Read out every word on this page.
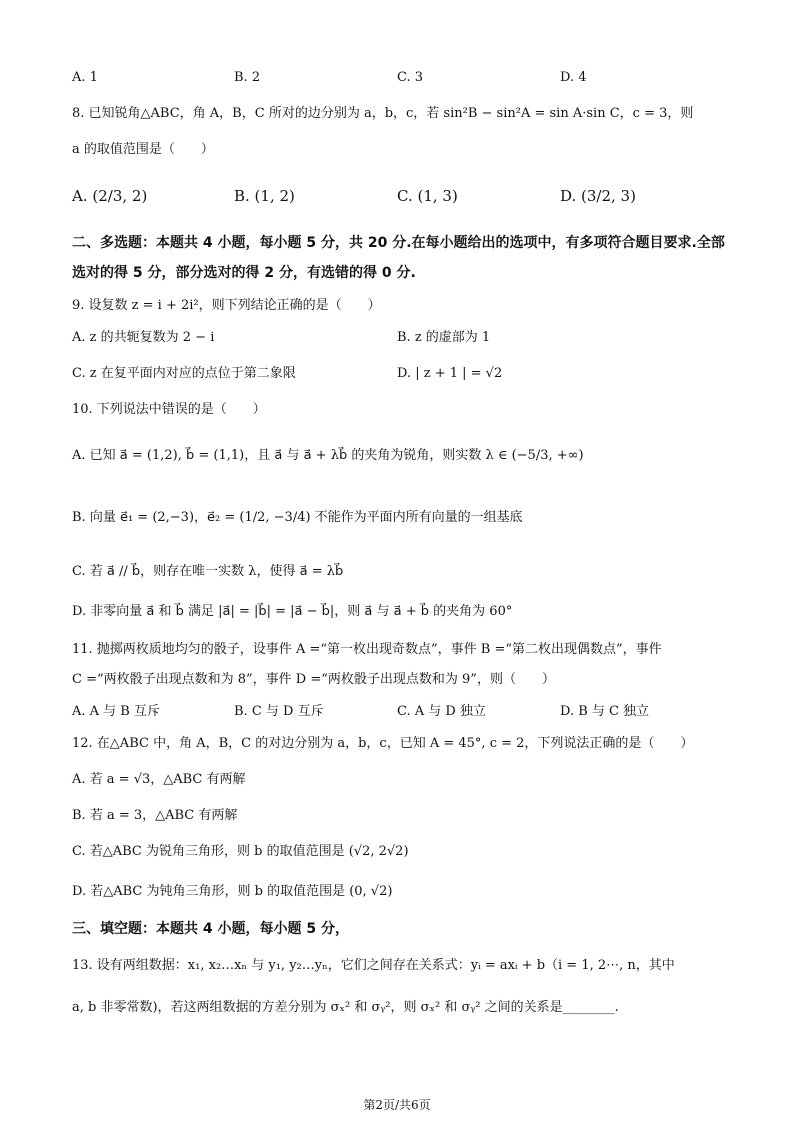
A. 1	B. 2	C. 3	D. 4
8. 已知锐角△ABC，角 A，B，C 所对的边分别为 a，b，c，若 sin²B − sin²A = sin A·sin C，c = 3，则
a 的取值范围是（　　）
A. (2/3, 2)	B. (1, 2)	C. (1, 3)	D. (3/2, 3)
二、多选题：本题共 4 小题，每小题 5 分，共 20 分.在每小题给出的选项中，有多项符合题目要求.全部选对的得 5 分，部分选对的得 2 分，有选错的得 0 分.
9. 设复数 z = i + 2i²，则下列结论正确的是（　　）
A. z 的共轭复数为 2 − i	B. z 的虚部为 1
C. z 在复平面内对应的点位于第二象限	D. | z + 1 | = √2
10. 下列说法中错误的是（　　）
A. 已知 a⃗ = (1,2), b⃗ = (1,1)，且 a⃗ 与 a⃗ + λb⃗ 的夹角为锐角，则实数 λ ∈ (−5/3, +∞)
B. 向量 e⃗₁ = (2,−3)，e⃗₂ = (1/2, −3/4) 不能作为平面内所有向量的一组基底
C. 若 a⃗ // b⃗，则存在唯一实数 λ，使得 a⃗ = λb⃗
D. 非零向量 a⃗ 和 b⃗ 满足 |a⃗| = |b⃗| = |a⃗ − b⃗|，则 a⃗ 与 a⃗ + b⃗ 的夹角为 60°
11. 抛掷两枚质地均匀的骰子，设事件 A =“第一枚出现奇数点”，事件 B =“第二枚出现偶数点”，事件
C =“两枚骰子出现点数和为 8”，事件 D =“两枚骰子出现点数和为 9”，则（　　）
A. A 与 B 互斥	B. C 与 D 互斥	C. A 与 D 独立	D. B 与 C 独立
12. 在△ABC 中，角 A，B，C 的对边分别为 a，b，c，已知 A = 45°, c = 2，下列说法正确的是（　　）
A. 若 a = √3，△ABC 有两解
B. 若 a = 3，△ABC 有两解
C. 若△ABC 为锐角三角形，则 b 的取值范围是 (√2, 2√2)
D. 若△ABC 为钝角三角形，则 b 的取值范围是 (0, √2)
三、填空题：本题共 4 小题，每小题 5 分，
13. 设有两组数据：x₁, x₂…xₙ 与 y₁, y₂…yₙ，它们之间存在关系式：yᵢ = axᵢ + b（i = 1, 2⋯, n，其中
a, b 非零常数)，若这两组数据的方差分别为 σₓ² 和 σᵧ²，则 σₓ² 和 σᵧ² 之间的关系是________.
第2页/共6页
